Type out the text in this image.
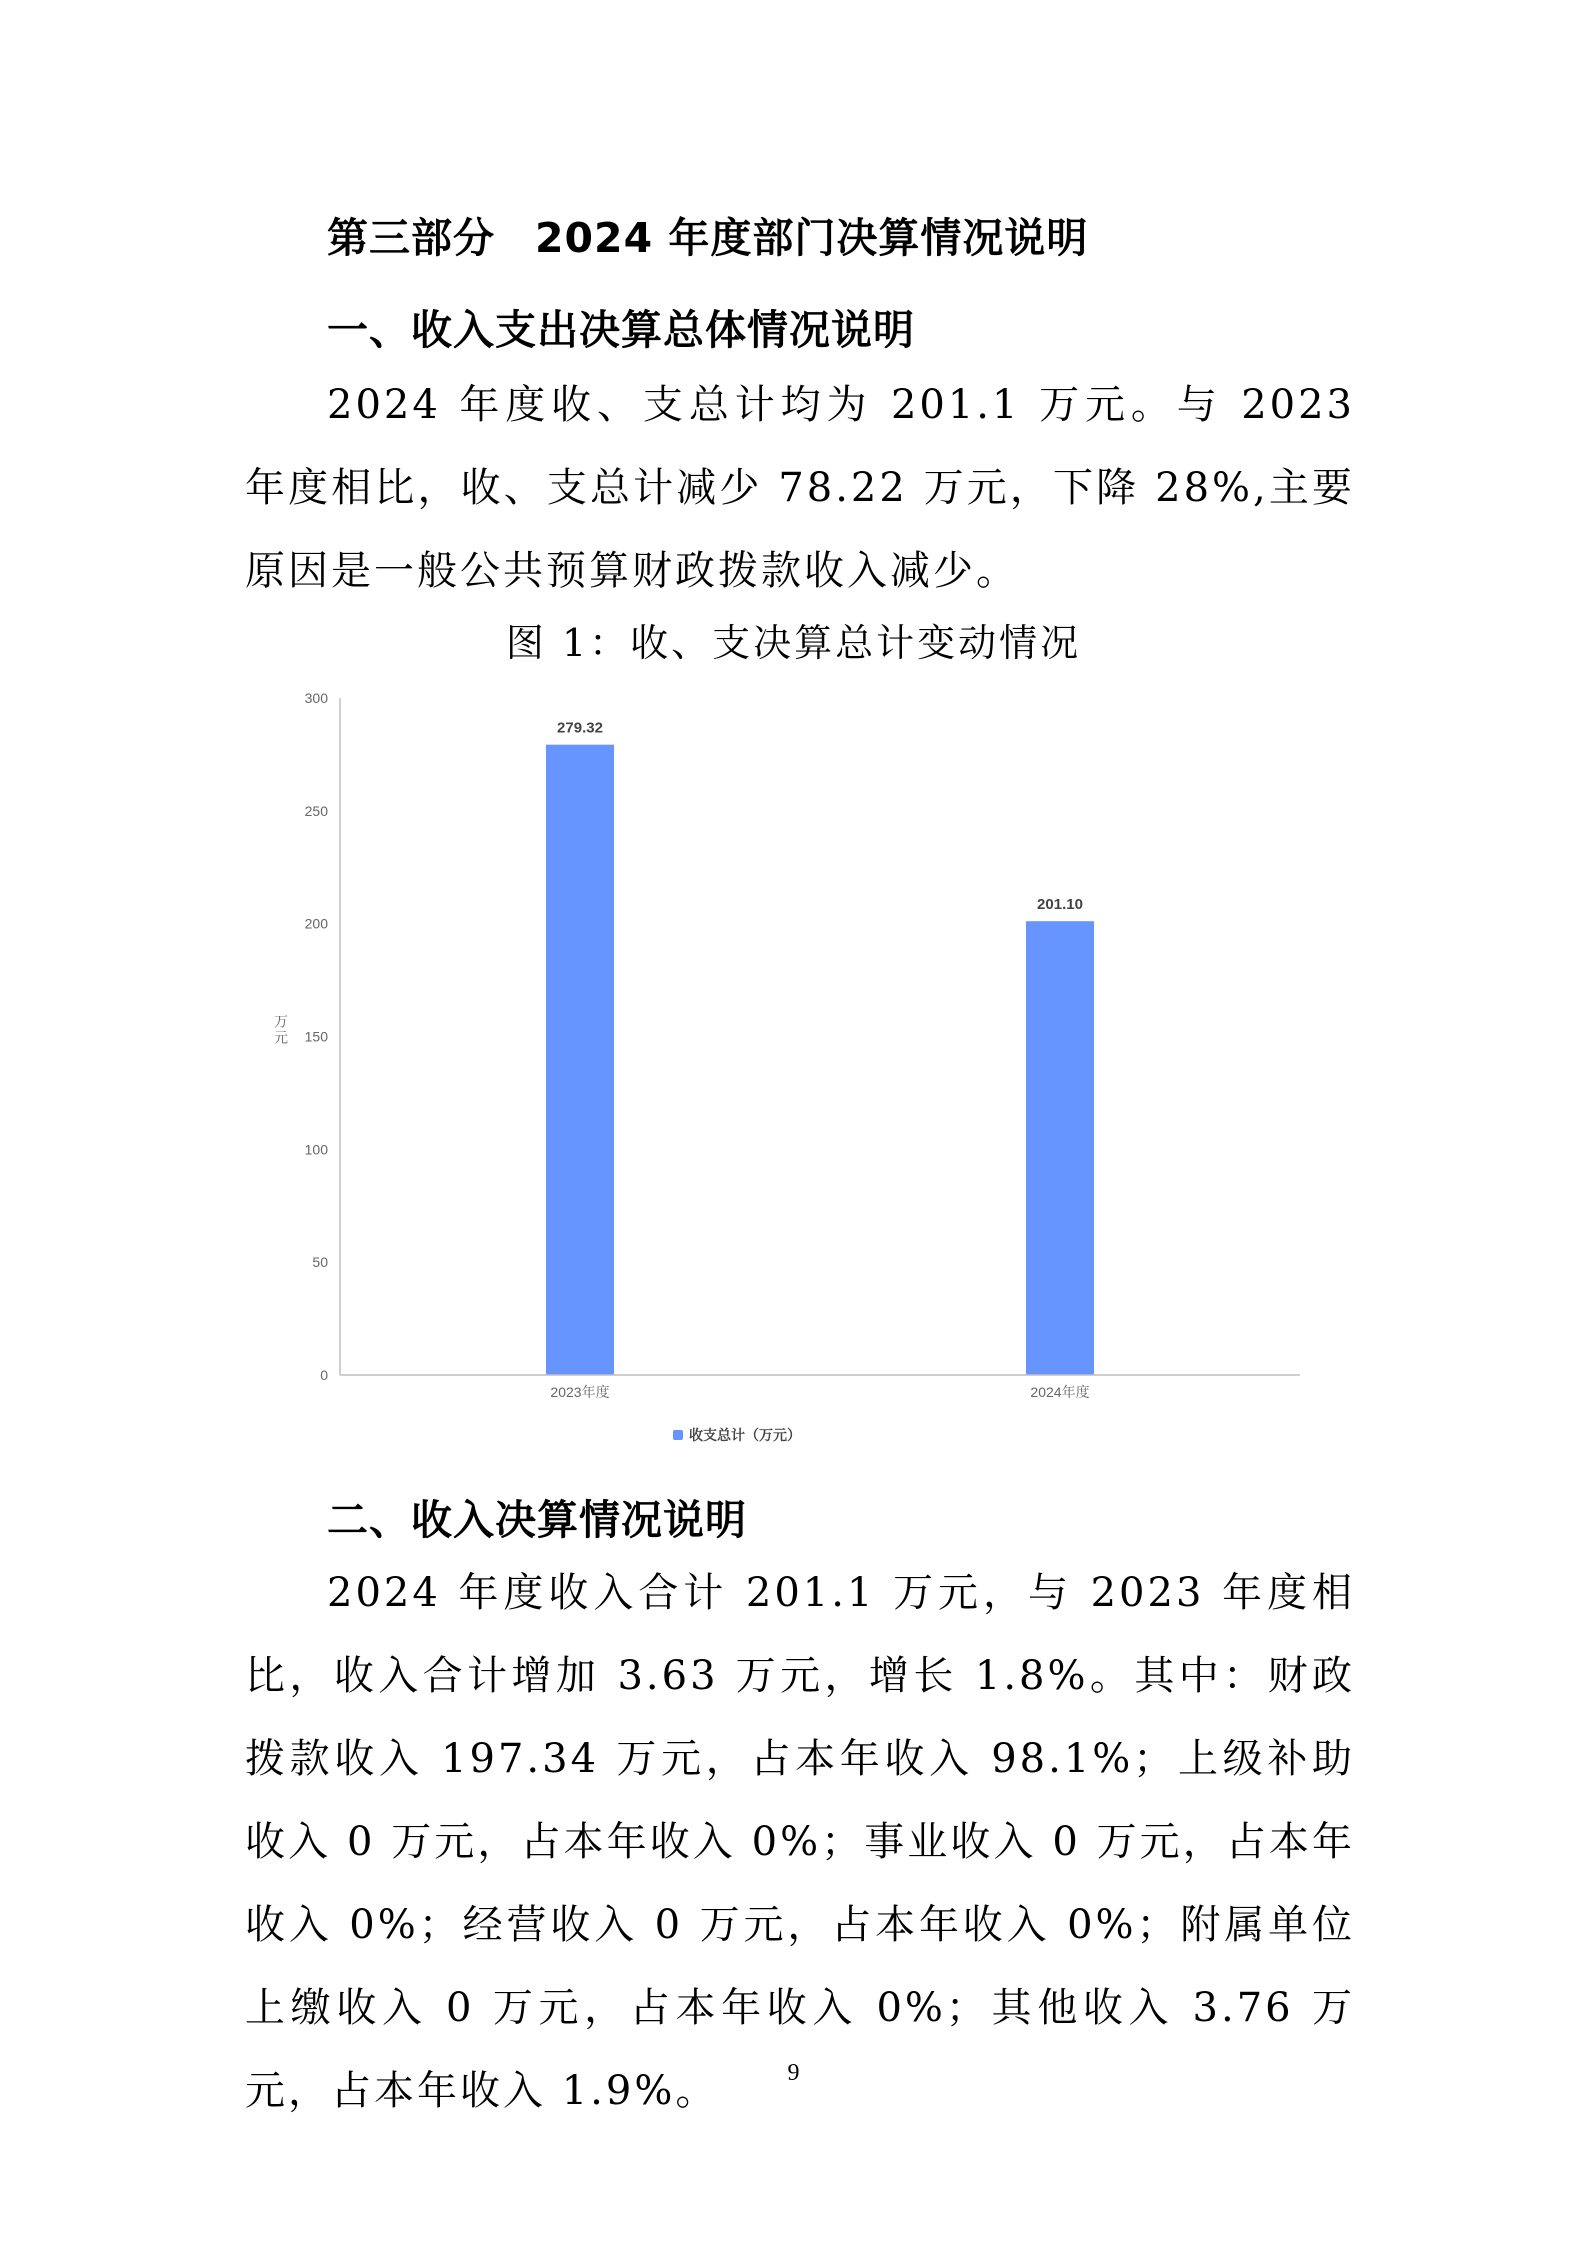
第三部分 2024 年度部门决算情况说明
一、收入支出决算总体情况说明
2024 年度收、支总计均为 201.1 万元。与 2023 年度相比，收、支总计减少 78.22 万元，下降 28%,主要原因是一般公共预算财政拨款收入减少。
图 1：收、支决算总计变动情况
0
50
100
150
200
250
300
万元
279.32
201.10
2023年度	2024年度
收支总计（万元）
二、收入决算情况说明
2024 年度收入合计 201.1 万元，与 2023 年度相比，收入合计增加 3.63 万元，增长 1.8%。其中：财政拨款收入 197.34 万元，占本年收入 98.1%；上级补助收入 0 万元，占本年收入 0%；事业收入 0 万元，占本年收入 0%；经营收入 0 万元，占本年收入 0%；附属单位上缴收入 0 万元，占本年收入 0%；其他收入 3.76 万元，占本年收入 1.9%。	9
